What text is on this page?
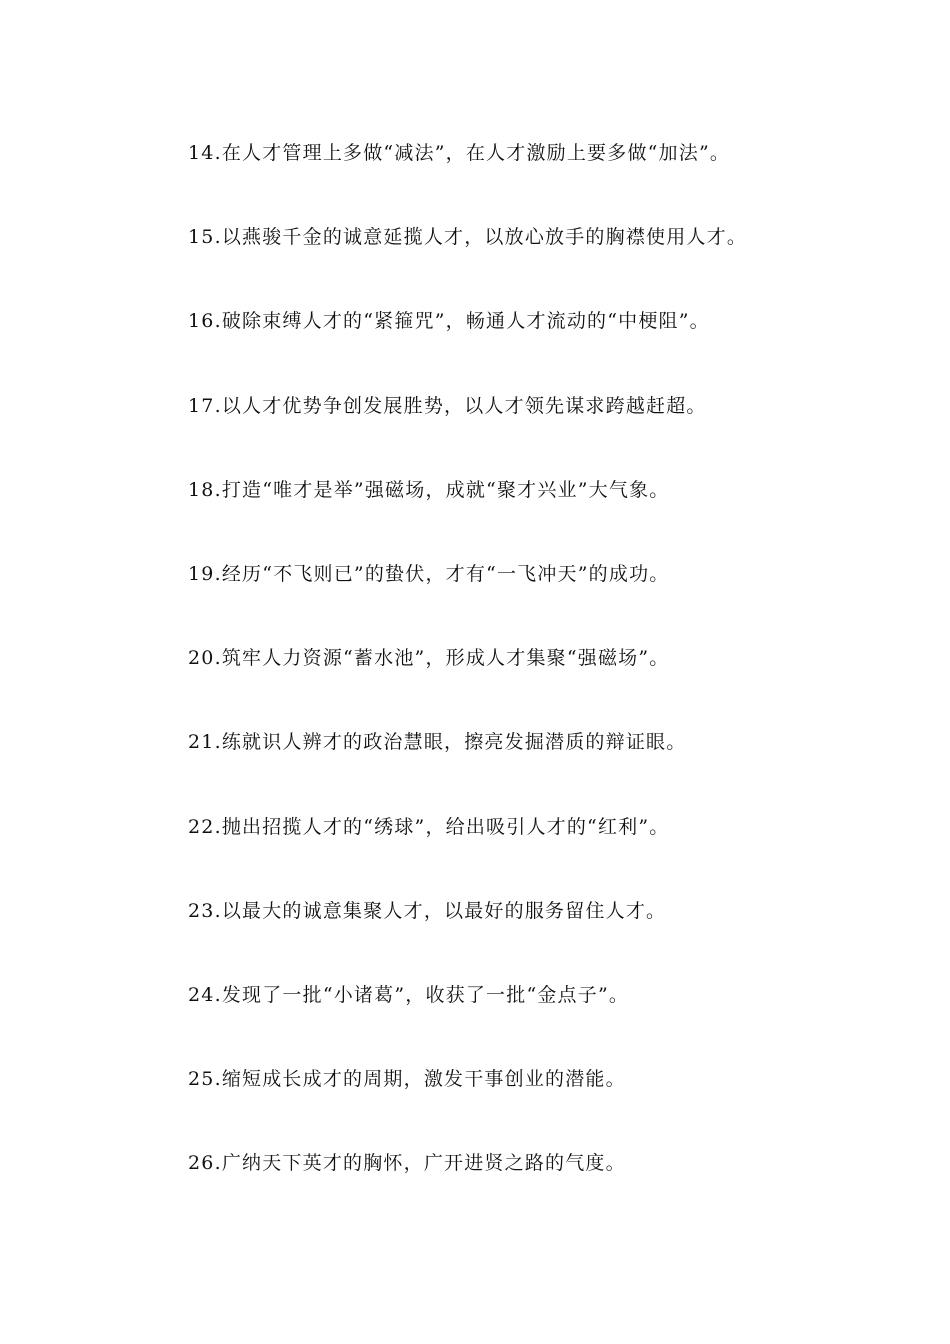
14.在人才管理上多做“减法”，在人才激励上要多做“加法”。
15.以燕骏千金的诚意延揽人才，以放心放手的胸襟使用人才。
16.破除束缚人才的“紧箍咒”，畅通人才流动的“中梗阻”。
17.以人才优势争创发展胜势，以人才领先谋求跨越赶超。
18.打造“唯才是举”强磁场，成就“聚才兴业”大气象。
19.经历“不飞则已”的蛰伏，才有“一飞冲天”的成功。
20.筑牢人力资源“蓄水池”，形成人才集聚“强磁场”。
21.练就识人辨才的政治慧眼，擦亮发掘潜质的辩证眼。
22.抛出招揽人才的“绣球”，给出吸引人才的“红利”。
23.以最大的诚意集聚人才，以最好的服务留住人才。
24.发现了一批“小诸葛”，收获了一批“金点子”。
25.缩短成长成才的周期，激发干事创业的潜能。
26.广纳天下英才的胸怀，广开进贤之路的气度。
